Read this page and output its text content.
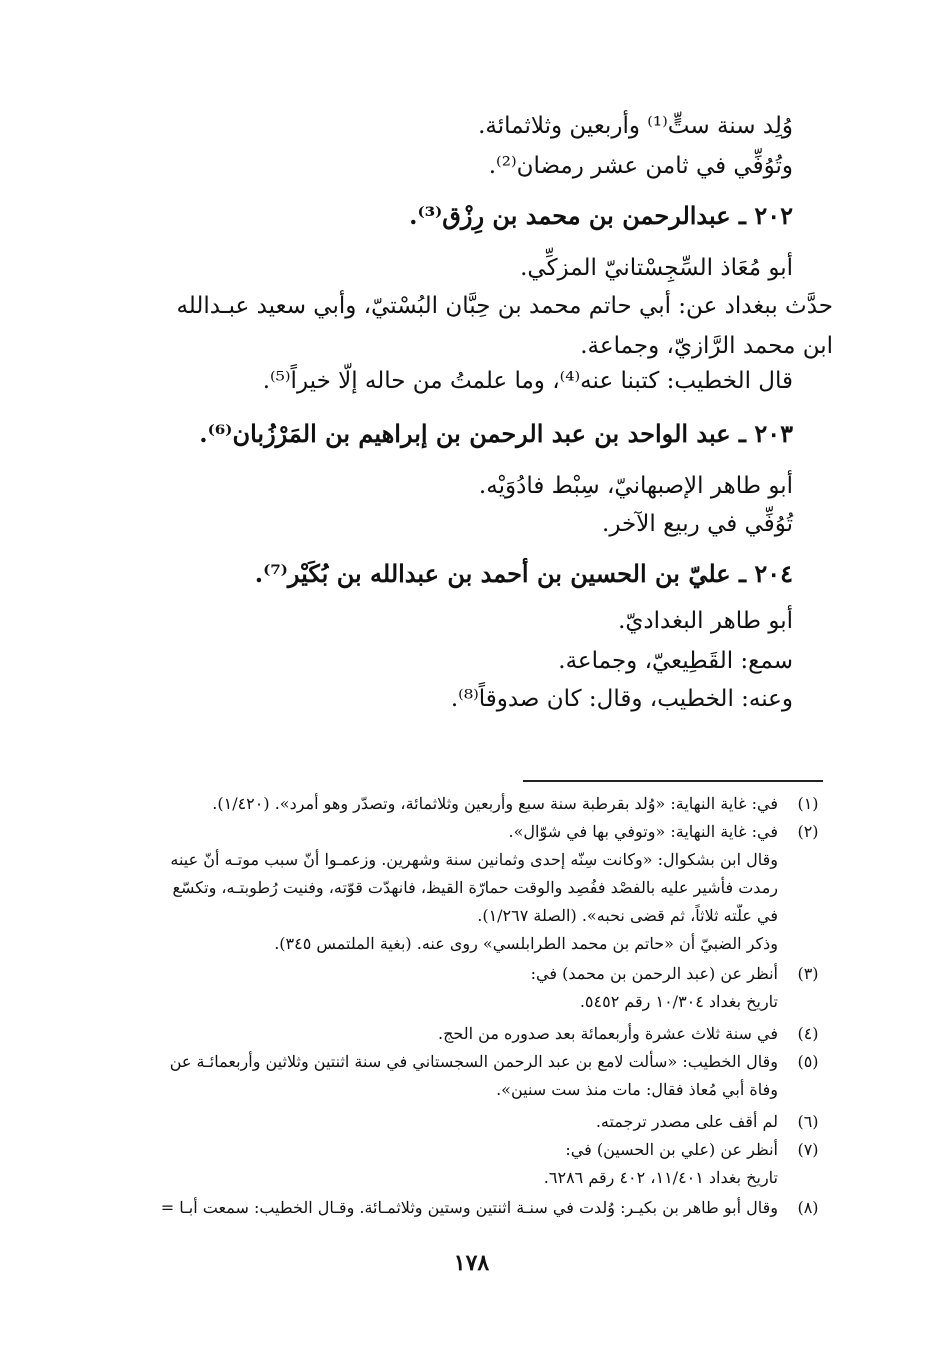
وُلِد سنة ستٍّ⁽¹⁾ وأربعين وثلاثمائة.
وتُوُفِّي في ثامن عشر رمضان⁽²⁾.
٢٠٢ ـ عبدالرحمن بن محمد بن رِزْق⁽³⁾.
أبو مُعَاذ السِّجِسْتانيّ المزكِّي.
حدَّث ببغداد عن: أبي حاتم محمد بن حِبَّان البُسْتيّ، وأبي سعيد عبـدالله
ابن محمد الرَّازيّ، وجماعة.
قال الخطيب: كتبنا عنه⁽⁴⁾، وما علمتُ من حاله إلّا خيراً⁽⁵⁾.
٢٠٣ ـ عبد الواحد بن عبد الرحمن بن إبراهيم بن المَرْزُبان⁽⁶⁾.
أبو طاهر الإصبهانيّ، سِبْط فادُوَيْه.
تُوُفِّي في ربيع الآخر.
٢٠٤ ـ عليّ بن الحسين بن أحمد بن عبدالله بن بُكَيْر⁽⁷⁾.
أبو طاهر البغداديّ.
سمع: القَطِيعيّ، وجماعة.
وعنه: الخطيب، وقال: كان صدوقاً⁽⁸⁾.
(١)
في: غاية النهاية: «وُلد بقرطبة سنة سبع وأربعين وثلاثمائة، وتصدّر وهو أمرد». (١/٤٢٠).
(٢)
في: غاية النهاية: «وتوفي بها في شوّال».
وقال ابن بشكوال: «وكانت سِنّه إحدى وثمانين سنة وشهرين. وزعمـوا أنّ سبب موتـه أنّ عينه
رمدت فأُشير عليه بالفصْد ففُصِد والوقت حمارّة القيظ، فانهدّت قوّته، وفنيت رُطوبتـه، وتكسّع
في علّته ثلاثاً، ثم قضى نحبه». (الصلة ١/٢٦٧).
وذكر الضبيّ أن «حاتم بن محمد الطرابلسي» روى عنه. (بغية الملتمس ٣٤٥).
(٣)
أنظر عن (عبد الرحمن بن محمد) في:
تاريخ بغداد ١٠/٣٠٤ رقم ٥٤٥٢.
(٤)
في سنة ثلاث عشرة وأربعمائة بعد صدوره من الحج.
(٥)
وقال الخطيب: «سألت لامع بن عبد الرحمن السجستاني في سنة اثنتين وثلاثين وأربعمائـة عن
وفاة أبي مُعاذ فقال: مات منذ ست سنين».
(٦)
لم أقف على مصدر ترجمته.
(٧)
أنظر عن (علي بن الحسين) في:
تاريخ بغداد ١١/٤٠١، ٤٠٢ رقم ٦٢٨٦.
(٨)
وقال أبو طاهر بن بكيـر: وُلدت في سنـة اثنتين وستين وثلاثمـائة. وقـال الخطيب: سمعت أبـا =
١٧٨
